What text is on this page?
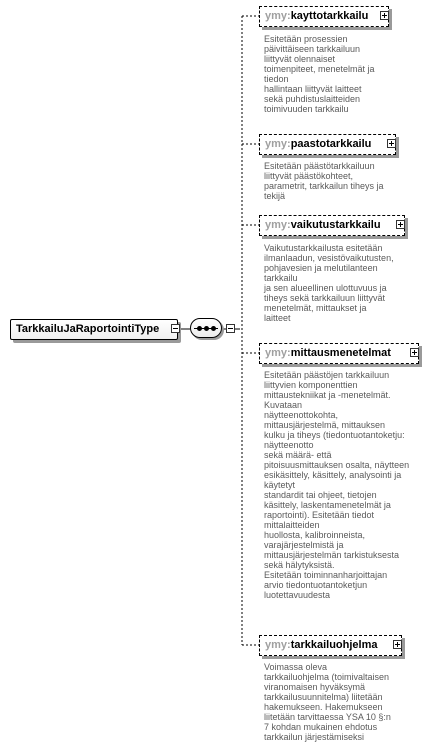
TarkkailuJaRaportointiType
ymy:kayttotarkkailu
Esitetään prosessien
päivittäiseen tarkkailuun
liittyvät olennaiset
toimenpiteet, menetelmät ja
tiedon
hallintaan liittyvät laitteet
sekä puhdistuslaitteiden
toimivuuden tarkkailu
ymy:paastotarkkailu
Esitetään päästötarkkailuun
liittyvät päästökohteet,
parametrit, tarkkailun tiheys ja
tekijä
ymy:vaikutustarkkailu
Vaikutustarkkailusta esitetään
ilmanlaadun, vesistövaikutusten,
pohjavesien ja melutilanteen
tarkkailu
ja sen alueellinen ulottuvuus ja
tiheys sekä tarkkailuun liittyvät
menetelmät, mittaukset ja
laitteet
ymy:mittausmenetelmat
Esitetään päästöjen tarkkailuun
liittyvien komponenttien
mittaustekniikat ja -menetelmät.
Kuvataan
näytteenottokohta,
mittausjärjestelmä, mittauksen
kulku ja tiheys (tiedontuotantoketju:
näytteenotto
sekä määrä- että
pitoisuusmittauksen osalta, näytteen
esikäsittely, käsittely, analysointi ja
käytetyt
standardit tai ohjeet, tietojen
käsittely, laskentamenetelmät ja
raportointi). Esitetään tiedot
mittalaitteiden
huollosta, kalibroinneista,
varajärjestelmistä ja
mittausjärjestelmän tarkistuksesta
sekä hälytyksistä.
Esitetään toiminnanharjoittajan
arvio tiedontuotantoketjun
luotettavuudesta
ymy:tarkkailuohjelma
Voimassa oleva
tarkkailuohjelma (toimivaltaisen
viranomaisen hyväksymä
tarkkailusuunnitelma) liitetään
hakemukseen. Hakemukseen
liitetään tarvittaessa YSA 10 §:n
7 kohdan mukainen ehdotus
tarkkailun järjestämiseksi
